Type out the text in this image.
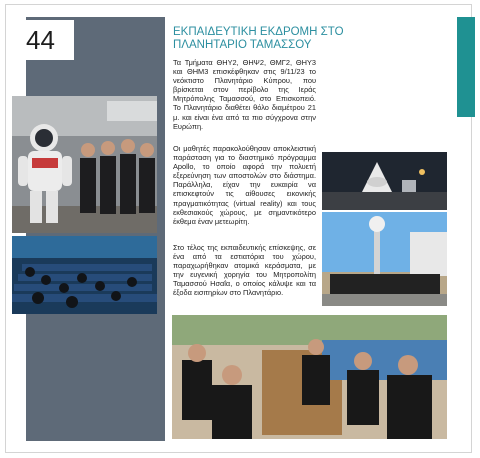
44	ΕΚΠΑΙΔΕΥΤΙΚΗ ΕΚΔΡΟΜΗ ΣΤΟ ΠΛΑΝΗΤΑΡΙΟ ΤΑΜΑΣΣΟΥ
Τα Τμήματα ΘΗΥ2, ΘΗΨ2, ΘΜΓ2, ΘΗΥ3 και ΘΗΜ3 επισκέφθηκαν στις 9/11/23 το νεόκτιστο Πλανητάριο Κύπρου, που βρίσκεται στον περίβολο της Ιεράς Μητρόπολης Ταμασσού, στο Επισκοπειό. Το Πλανητάριο διαθέτει θόλο διαμέτρου 21 μ. και είναι ένα από τα πιο σύγχρονα στην Ευρώπη.
Οι μαθητές παρακολούθησαν αποκλειστική παράσταση για το διαστημικό πρόγραμμα Apollo, το οποίο αφορά την πολυετή εξερεύνηση των αποστολών στο διάστημα. Παράλληλα, είχαν την ευκαιρία να επισκεφτούν τις αίθουσες εικονικής πραγματικότητας (virtual reality) και τους εκθεσιακούς χώρους, με σημαντικότερο έκθεμα έναν μετεωρίτη.
Στο τέλος της εκπαιδευτικής επίσκεψης, σε ένα από τα εστιατόρια του χώρου, παραχωρήθηκαν ατομικά κεράσματα, με την ευγενική χορηγία του Μητροπολίτη Ταμασσού Ησαΐα, ο οποίος κάλυψε και τα έξοδα εισιτηρίων στο Πλανητάριο.
